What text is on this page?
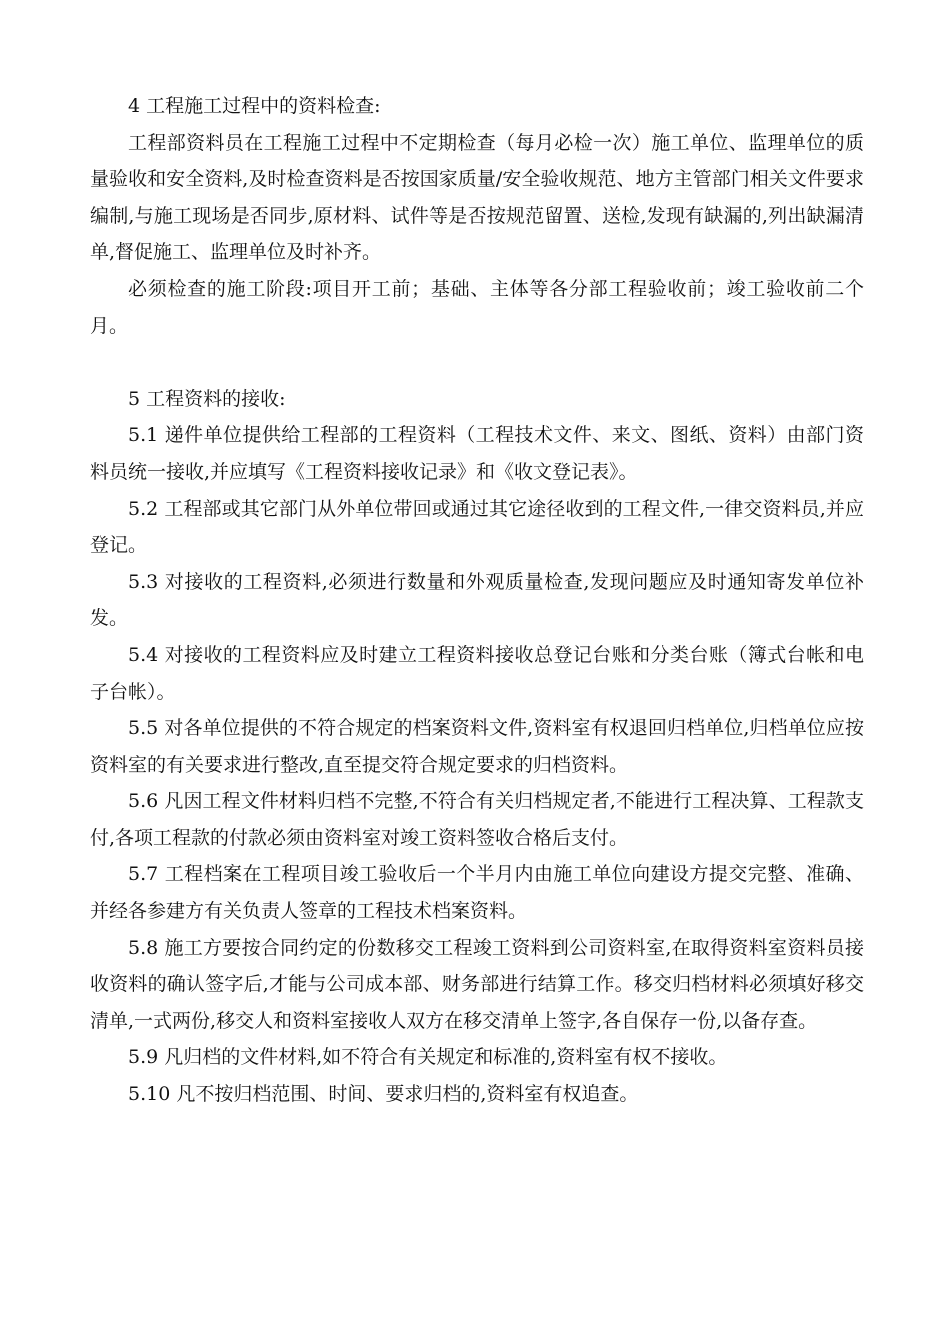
4 工程施工过程中的资料检查:

工程部资料员在工程施工过程中不定期检查（每月必检一次）施工单位、监理单位的质量验收和安全资料,及时检查资料是否按国家质量/安全验收规范、地方主管部门相关文件要求编制,与施工现场是否同步,原材料、试件等是否按规范留置、送检,发现有缺漏的,列出缺漏清单,督促施工、监理单位及时补齐。

必须检查的施工阶段:项目开工前；基础、主体等各分部工程验收前；竣工验收前二个月。

5 工程资料的接收:

5.1 递件单位提供给工程部的工程资料（工程技术文件、来文、图纸、资料）由部门资料员统一接收,并应填写《工程资料接收记录》和《收文登记表》。

5.2 工程部或其它部门从外单位带回或通过其它途径收到的工程文件,一律交资料员,并应登记。

5.3 对接收的工程资料,必须进行数量和外观质量检查,发现问题应及时通知寄发单位补发。

5.4 对接收的工程资料应及时建立工程资料接收总登记台账和分类台账（簿式台帐和电子台帐）。

5.5 对各单位提供的不符合规定的档案资料文件,资料室有权退回归档单位,归档单位应按资料室的有关要求进行整改,直至提交符合规定要求的归档资料。

5.6 凡因工程文件材料归档不完整,不符合有关归档规定者,不能进行工程决算、工程款支付,各项工程款的付款必须由资料室对竣工资料签收合格后支付。

5.7 工程档案在工程项目竣工验收后一个半月内由施工单位向建设方提交完整、准确、并经各参建方有关负责人签章的工程技术档案资料。

5.8 施工方要按合同约定的份数移交工程竣工资料到公司资料室,在取得资料室资料员接收资料的确认签字后,才能与公司成本部、财务部进行结算工作。移交归档材料必须填好移交清单,一式两份,移交人和资料室接收人双方在移交清单上签字,各自保存一份,以备存查。

5.9 凡归档的文件材料,如不符合有关规定和标准的,资料室有权不接收。

5.10 凡不按归档范围、时间、要求归档的,资料室有权追查。
